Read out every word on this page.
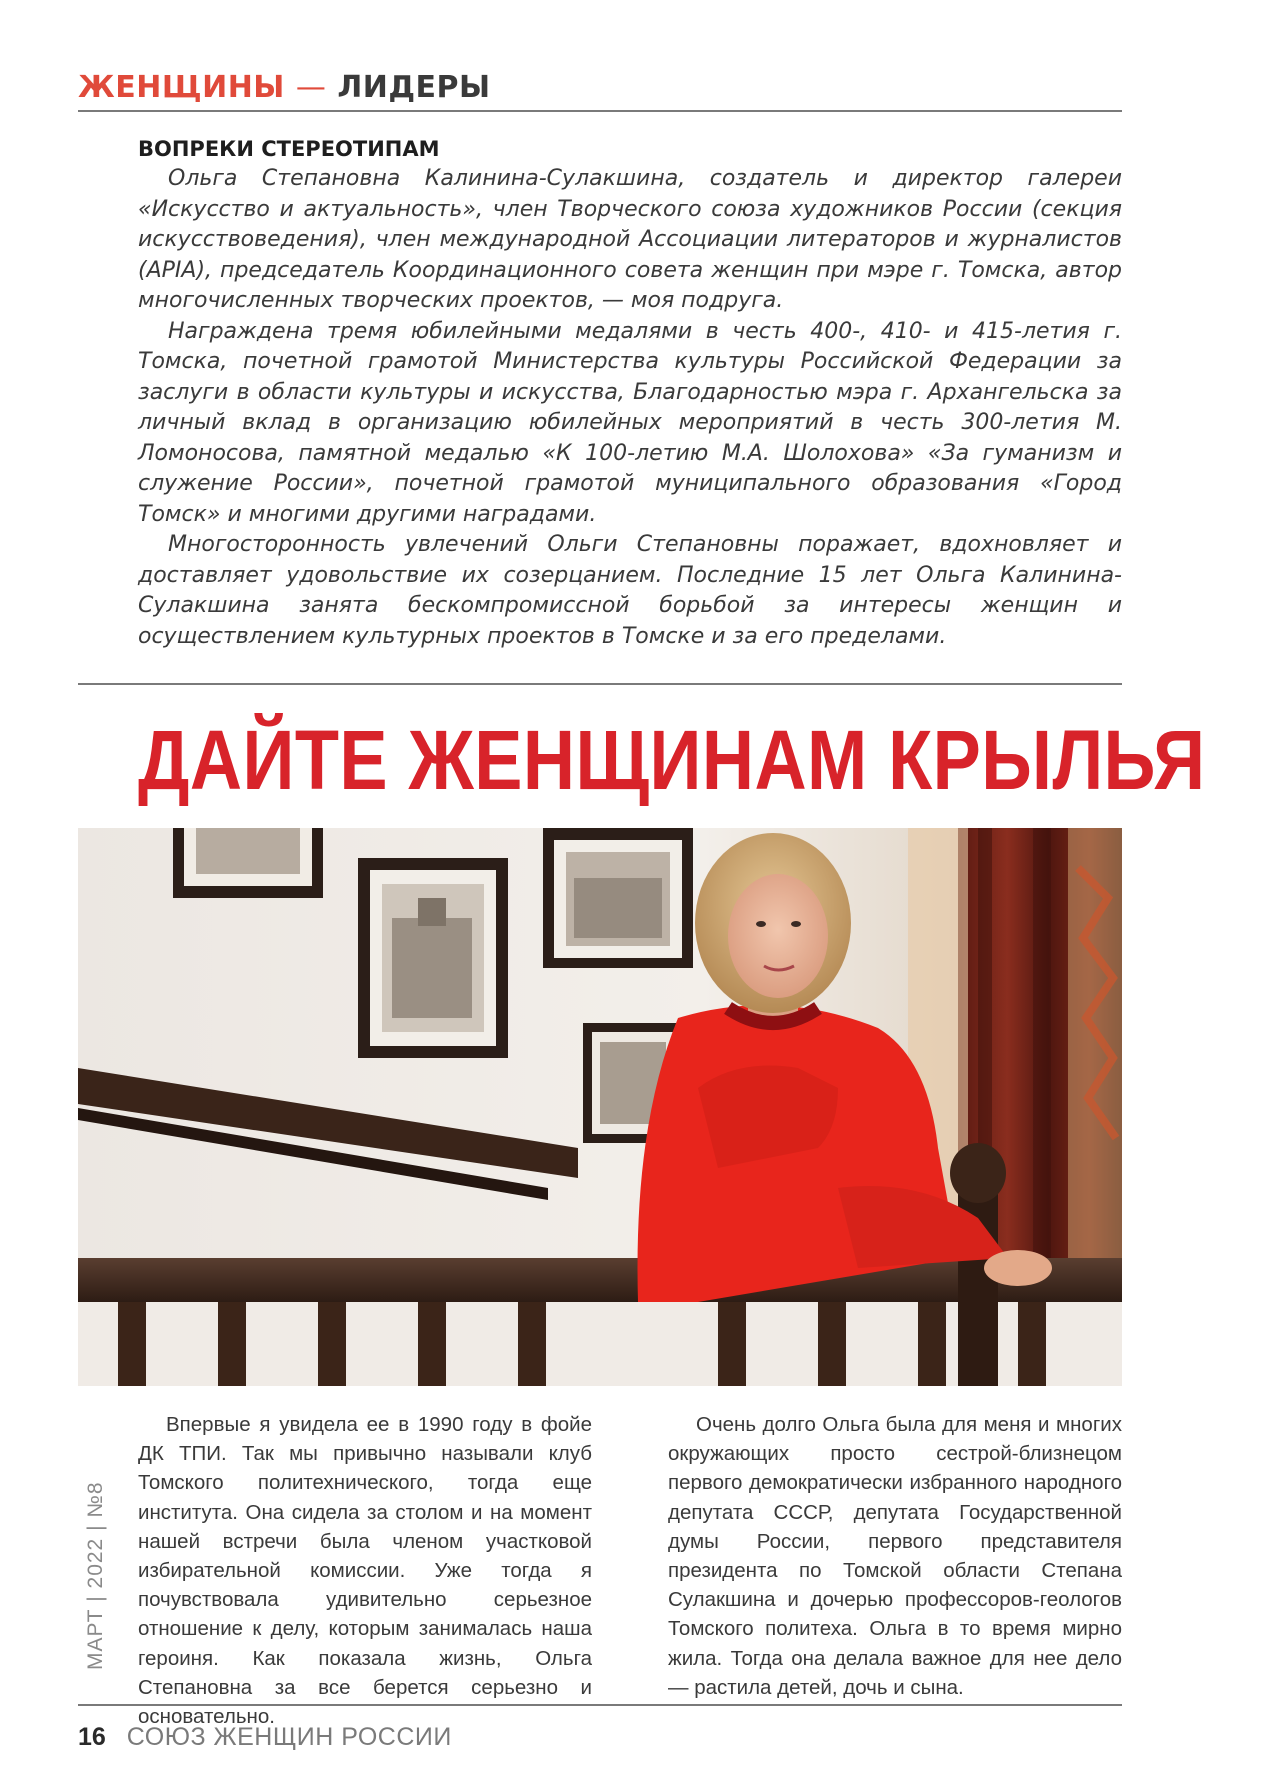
ЖЕНЩИНЫ — ЛИДЕРЫ
ВОПРЕКИ СТЕРЕОТИПАМ

Ольга Степановна Калинина-Сулакшина, создатель и директор галереи «Искусство и актуальность», член Творческого союза художников России (секция искусствоведения), член международной Ассоциации литераторов и журналистов (APIA), председатель Координационного совета женщин при мэре г. Томска, автор многочисленных творческих проектов, — моя подруга.

Награждена тремя юбилейными медалями в честь 400-, 410- и 415-летия г. Томска, почетной грамотой Министерства культуры Российской Федерации за заслуги в области культуры и искусства, Благодарностью мэра г. Архангельска за личный вклад в организацию юбилейных мероприятий в честь 300-летия М. Ломоносова, памятной медалью «К 100-летию М.А. Шолохова» «За гуманизм и служение России», почетной грамотой муниципального образования «Город Томск» и многими другими наградами.

Многосторонность увлечений Ольги Степановны поражает, вдохновляет и доставляет удовольствие их созерцанием. Последние 15 лет Ольга Калинина-Сулакшина занята бескомпромиссной борьбой за интересы женщин и осуществлением культурных проектов в Томске и за его пределами.

ДАЙТЕ ЖЕНЩИНАМ КРЫЛЬЯ
МАРТ | 2022 | №8
Впервые я увидела ее в 1990 году в фойе ДК ТПИ. Так мы привычно называли клуб Томского политехнического, тогда еще института. Она сидела за столом и на момент нашей встречи была членом участковой избирательной комиссии. Уже тогда я почувствовала удивительно серьезное отношение к делу, которым занималась наша героиня. Как показала жизнь, Ольга Степановна за все берется серьезно и основательно.
Очень долго Ольга была для меня и многих окружающих просто сестрой-близнецом первого демократически избранного народного депутата СССР, депутата Государственной думы России, первого представителя президента по Томской области Степана Сулакшина и дочерью профессоров-геологов Томского политеха. Ольга в то время мирно жила. Тогда она делала важное для нее дело — растила детей, дочь и сына.
16 СОЮЗ ЖЕНЩИН РОССИИ
